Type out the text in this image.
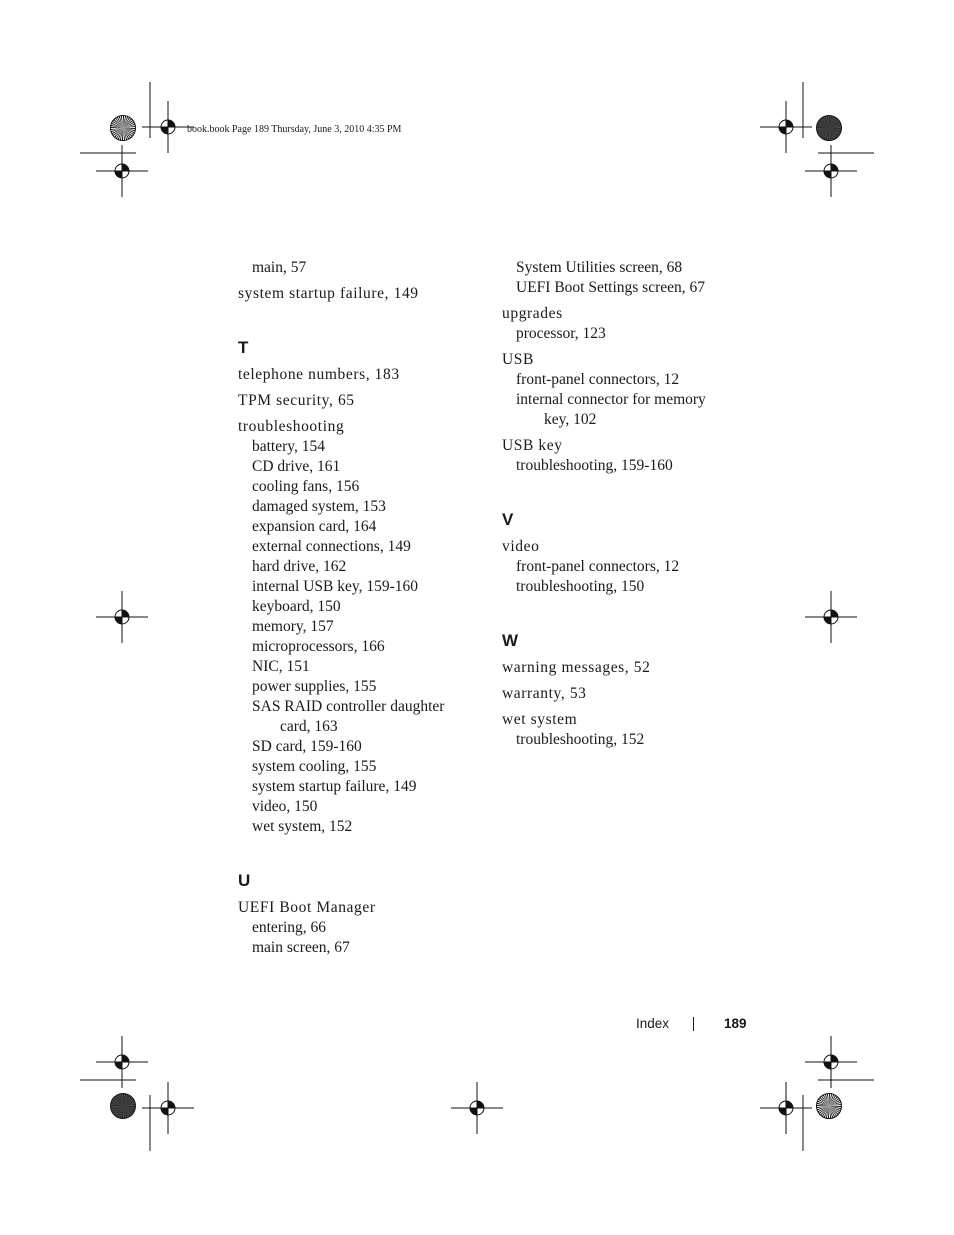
book.book Page 189 Thursday, June 3, 2010 4:35 PM
main, 57
system startup failure, 149
T
telephone numbers, 183
TPM security, 65
troubleshooting
battery, 154
CD drive, 161
cooling fans, 156
damaged system, 153
expansion card, 164
external connections, 149
hard drive, 162
internal USB key, 159-160
keyboard, 150
memory, 157
microprocessors, 166
NIC, 151
power supplies, 155
SAS RAID controller daughter
card, 163
SD card, 159-160
system cooling, 155
system startup failure, 149
video, 150
wet system, 152
U
UEFI Boot Manager
entering, 66
main screen, 67
System Utilities screen, 68
UEFI Boot Settings screen, 67
upgrades
processor, 123
USB
front-panel connectors, 12
internal connector for memory
key, 102
USB key
troubleshooting, 159-160
V
video
front-panel connectors, 12
troubleshooting, 150
W
warning messages, 52
warranty, 53
wet system
troubleshooting, 152
Index	189
